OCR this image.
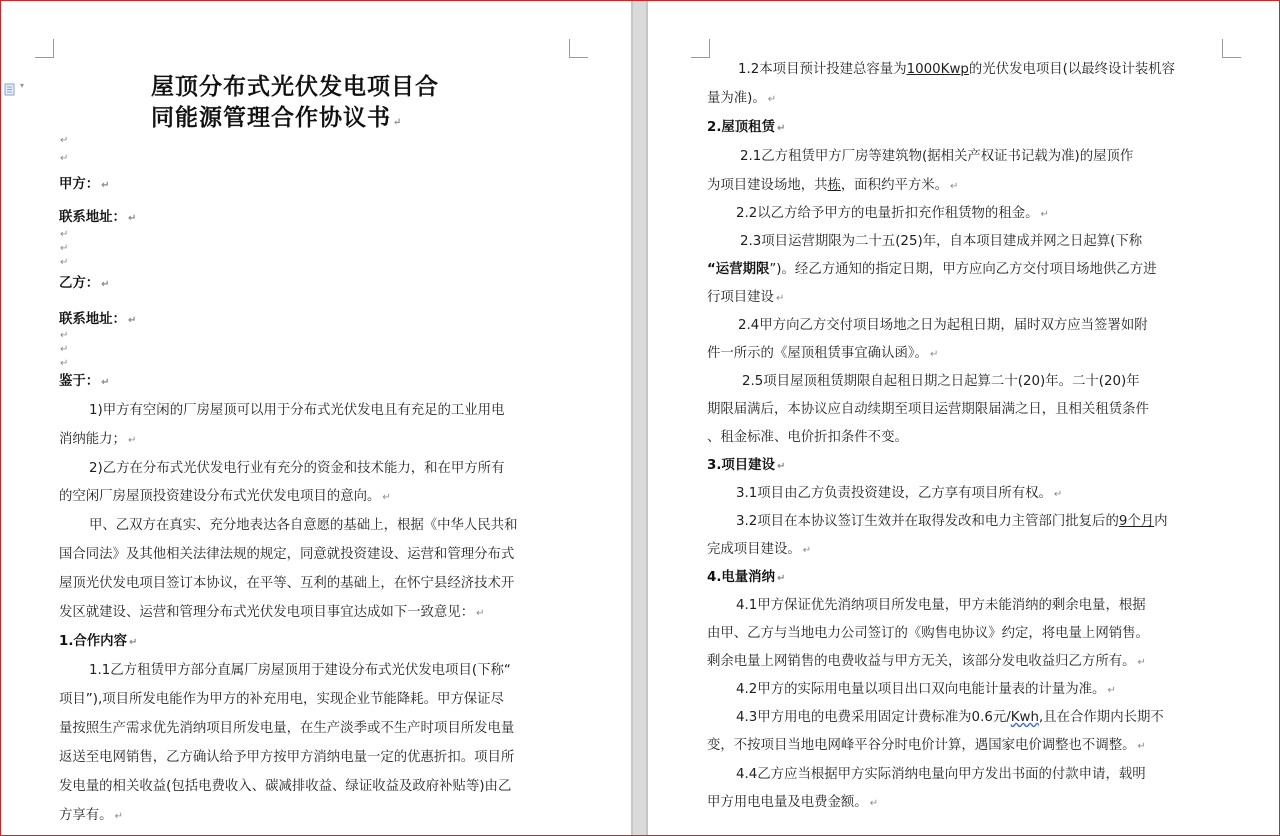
▾	屋顶分布式光伏发电项目合
同能源管理合作协议书 ↵
↵
↵
甲方： ↵
联系地址： ↵
↵
↵
↵
乙方： ↵
联系地址： ↵
↵
↵
↵
鉴于： ↵
1)甲方有空闲的厂房屋顶可以用于分布式光伏发电且有充足的工业用电
消纳能力； ↵
2)乙方在分布式光伏发电行业有充分的资金和技术能力，和在甲方所有
的空闲厂房屋顶投资建设分布式光伏发电项目的意向。 ↵
甲、乙双方在真实、充分地表达各自意愿的基础上，根据《中华人民共和
国合同法》及其他相关法律法规的规定，同意就投资建设、运营和管理分布式
屋顶光伏发电项目签订本协议，在平等、互利的基础上，在怀宁县经济技术开
发区就建设、运营和管理分布式光伏发电项目事宜达成如下一致意见： ↵
1.合作内容 ↵
1.1乙方租赁甲方部分直属厂房屋顶用于建设分布式光伏发电项目(下称“
项目”),项目所发电能作为甲方的补充用电，实现企业节能降耗。甲方保证尽
量按照生产需求优先消纳项目所发电量，在生产淡季或不生产时项目所发电量
返送至电网销售，乙方确认给予甲方按甲方消纳电量一定的优惠折扣。项目所
发电量的相关收益(包括电费收入、碳减排收益、绿证收益及政府补贴等)由乙
方享有。 ↵
1.2本项目预计投建总容量为1000Kwp的光伏发电项目(以最终设计装机容
量为准)。 ↵
2.屋顶租赁 ↵
2.1乙方租赁甲方厂房等建筑物(据相关产权证书记载为准)的屋顶作
为项目建设场地，共栋，面积约平方米。 ↵
2.2以乙方给予甲方的电量折扣充作租赁物的租金。 ↵
2.3项目运营期限为二十五(25)年，自本项目建成并网之日起算(下称
“运营期限”)。经乙方通知的指定日期，甲方应向乙方交付项目场地供乙方进
行项目建设 ↵
2.4甲方向乙方交付项目场地之日为起租日期，届时双方应当签署如附
件一所示的《屋顶租赁事宜确认函》。 ↵
2.5项目屋顶租赁期限自起租日期之日起算二十(20)年。二十(20)年
期限届满后，本协议应自动续期至项目运营期限届满之日，且相关租赁条件
、租金标准、电价折扣条件不变。
3.项目建设 ↵
3.1项目由乙方负责投资建设，乙方享有项目所有权。 ↵
3.2项目在本协议签订生效并在取得发改和电力主管部门批复后的9个月内
完成项目建设。 ↵
4.电量消纳 ↵
4.1甲方保证优先消纳项目所发电量，甲方未能消纳的剩余电量，根据
由甲、乙方与当地电力公司签订的《购售电协议》约定，将电量上网销售。
剩余电量上网销售的电费收益与甲方无关，该部分发电收益归乙方所有。 ↵
4.2甲方的实际用电量以项目出口双向电能计量表的计量为准。 ↵
4.3甲方用电的电费采用固定计费标准为0.6元/Kwh,且在合作期内长期不
变，不按项目当地电网峰平谷分时电价计算，遇国家电价调整也不调整。 ↵
4.4乙方应当根据甲方实际消纳电量向甲方发出书面的付款申请，载明
甲方用电电量及电费金额。 ↵
